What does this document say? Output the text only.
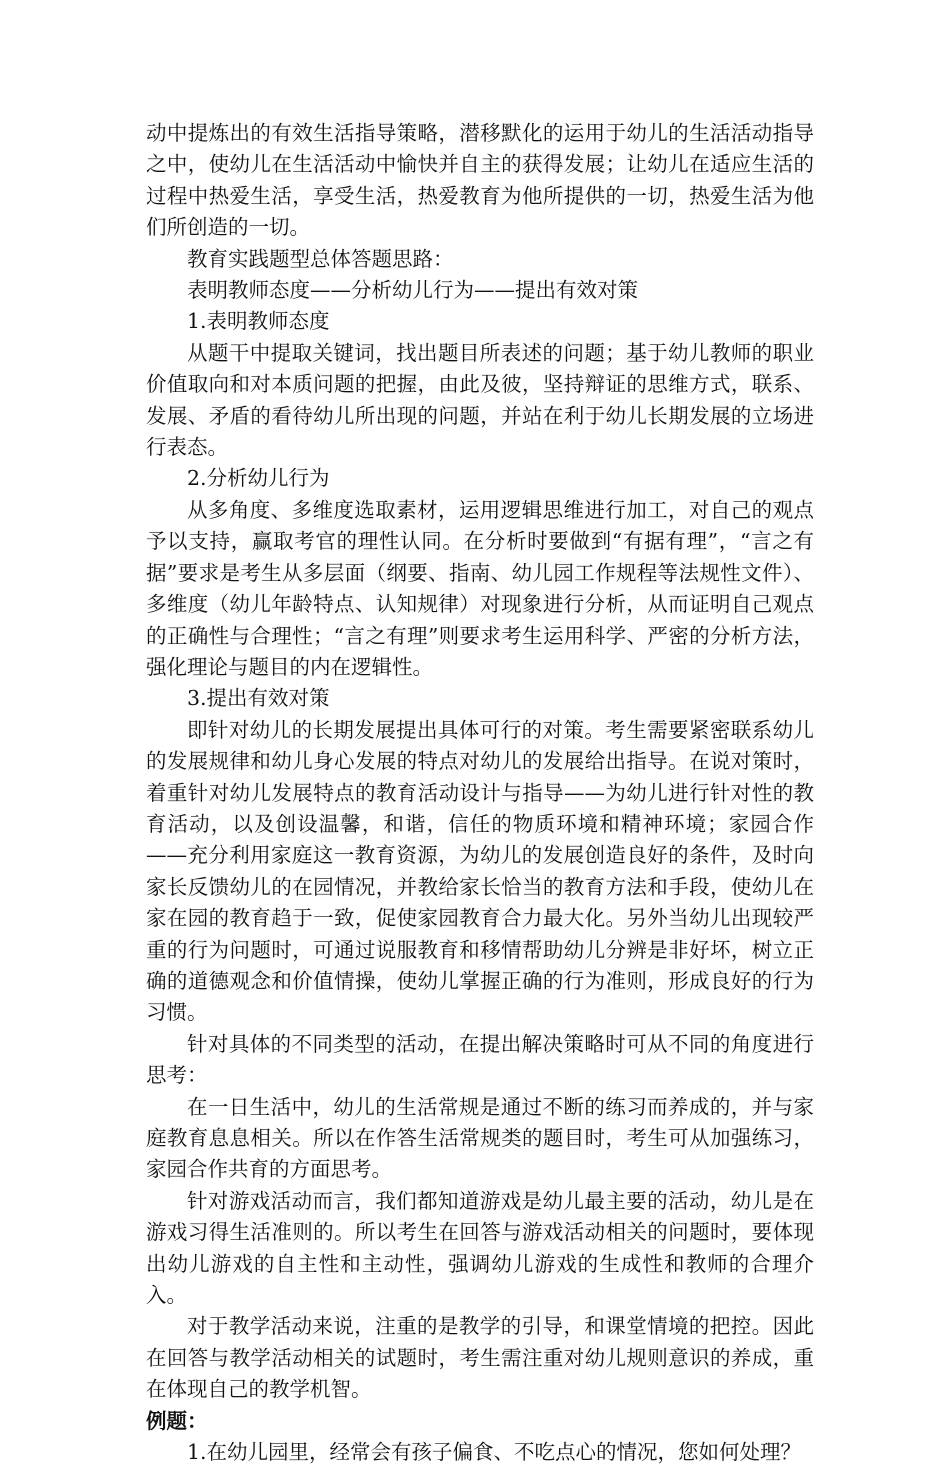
动中提炼出的有效生活指导策略，潜移默化的运用于幼儿的生活活动指导之中，使幼儿在生活活动中愉快并自主的获得发展；让幼儿在适应生活的过程中热爱生活，享受生活，热爱教育为他所提供的一切，热爱生活为他们所创造的一切。

教育实践题型总体答题思路：

表明教师态度——分析幼儿行为——提出有效对策

1.表明教师态度

从题干中提取关键词，找出题目所表述的问题；基于幼儿教师的职业价值取向和对本质问题的把握，由此及彼，坚持辩证的思维方式，联系、发展、矛盾的看待幼儿所出现的问题，并站在利于幼儿长期发展的立场进行表态。

2.分析幼儿行为

从多角度、多维度选取素材，运用逻辑思维进行加工，对自己的观点予以支持，赢取考官的理性认同。在分析时要做到“有据有理”，“言之有据”要求是考生从多层面（纲要、指南、幼儿园工作规程等法规性文件）、多维度（幼儿年龄特点、认知规律）对现象进行分析，从而证明自己观点的正确性与合理性；“言之有理”则要求考生运用科学、严密的分析方法，强化理论与题目的内在逻辑性。

3.提出有效对策

即针对幼儿的长期发展提出具体可行的对策。考生需要紧密联系幼儿的发展规律和幼儿身心发展的特点对幼儿的发展给出指导。在说对策时，着重针对幼儿发展特点的教育活动设计与指导——为幼儿进行针对性的教育活动，以及创设温馨，和谐，信任的物质环境和精神环境；家园合作——充分利用家庭这一教育资源，为幼儿的发展创造良好的条件，及时向家长反馈幼儿的在园情况，并教给家长恰当的教育方法和手段，使幼儿在家在园的教育趋于一致，促使家园教育合力最大化。另外当幼儿出现较严重的行为问题时，可通过说服教育和移情帮助幼儿分辨是非好坏，树立正确的道德观念和价值情操，使幼儿掌握正确的行为准则，形成良好的行为习惯。

针对具体的不同类型的活动，在提出解决策略时可从不同的角度进行思考：

在一日生活中，幼儿的生活常规是通过不断的练习而养成的，并与家庭教育息息相关。所以在作答生活常规类的题目时，考生可从加强练习，家园合作共育的方面思考。

针对游戏活动而言，我们都知道游戏是幼儿最主要的活动，幼儿是在游戏习得生活准则的。所以考生在回答与游戏活动相关的问题时，要体现出幼儿游戏的自主性和主动性，强调幼儿游戏的生成性和教师的合理介入。

对于教学活动来说，注重的是教学的引导，和课堂情境的把控。因此在回答与教学活动相关的试题时，考生需注重对幼儿规则意识的养成，重在体现自己的教学机智。

例题：

1.在幼儿园里，经常会有孩子偏食、不吃点心的情况，您如何处理？
